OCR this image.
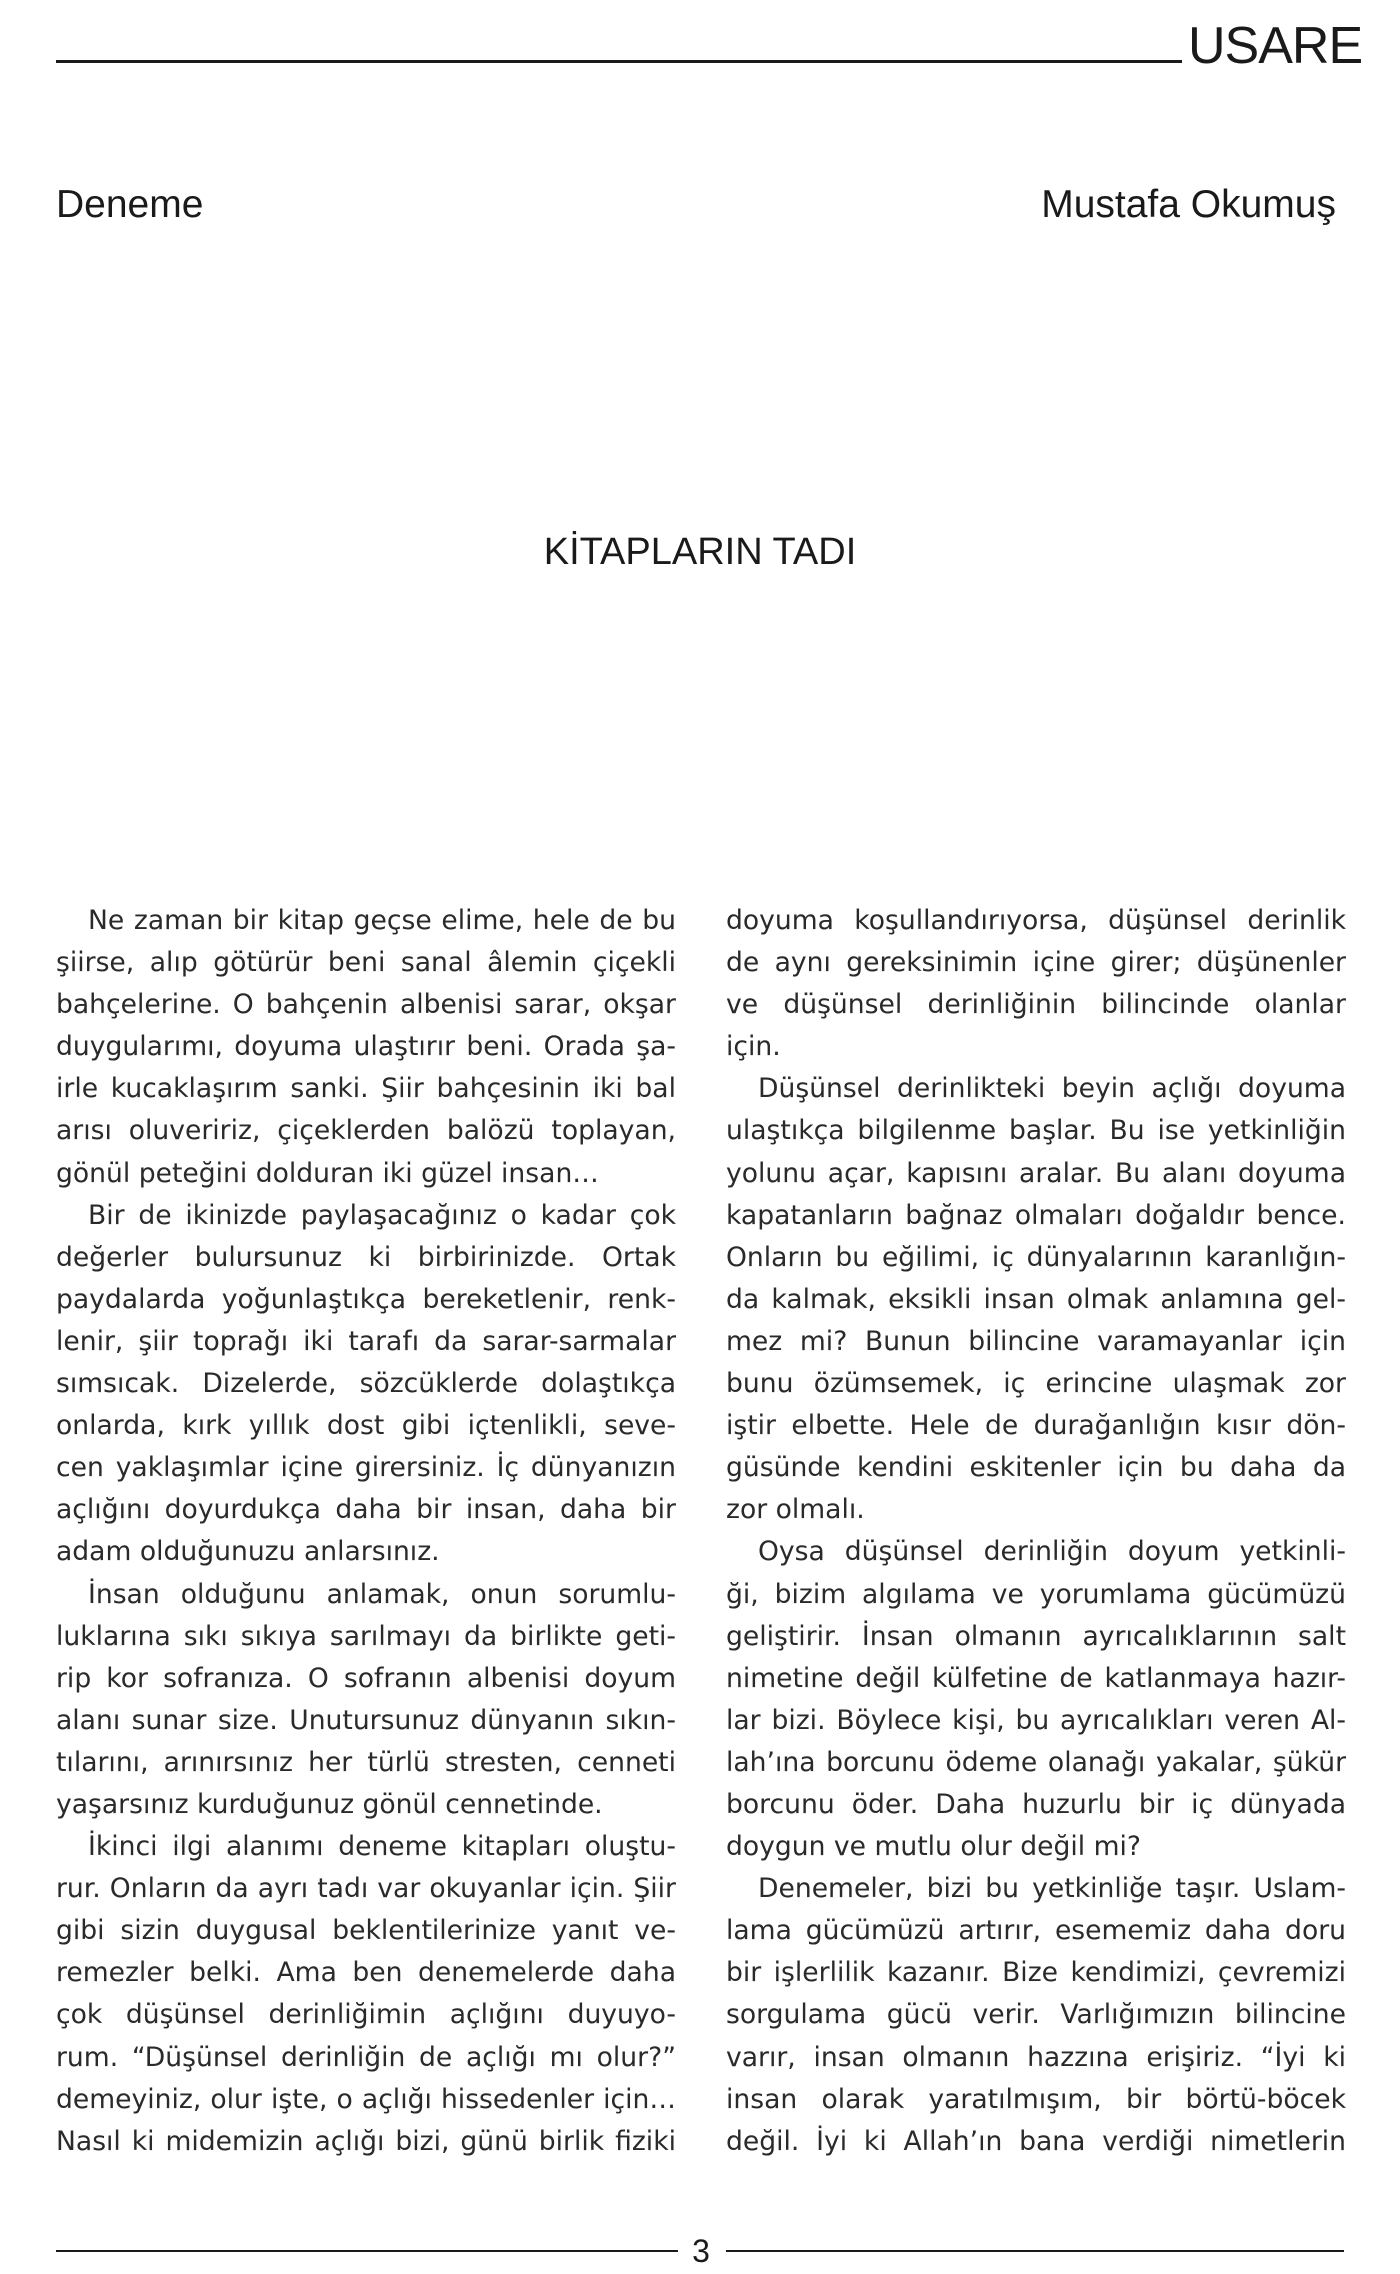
USARE
Deneme	Mustafa Okumuş
KİTAPLARIN TADI
Ne zaman bir kitap geçse elime, hele de bu
şiirse, alıp götürür beni sanal âlemin çiçekli
bahçelerine. O bahçenin albenisi sarar, okşar
duygularımı, doyuma ulaştırır beni. Orada şa-
irle kucaklaşırım sanki. Şiir bahçesinin iki bal
arısı oluveririz, çiçeklerden balözü toplayan,
gönül peteğini dolduran iki güzel insan…
Bir de ikinizde paylaşacağınız o kadar çok
değerler bulursunuz ki birbirinizde. Ortak
paydalarda yoğunlaştıkça bereketlenir, renk-
lenir, şiir toprağı iki tarafı da sarar-sarmalar
sımsıcak. Dizelerde, sözcüklerde dolaştıkça
onlarda, kırk yıllık dost gibi içtenlikli, seve-
cen yaklaşımlar içine girersiniz. İç dünyanızın
açlığını doyurdukça daha bir insan, daha bir
adam olduğunuzu anlarsınız.
İnsan olduğunu anlamak, onun sorumlu-
luklarına sıkı sıkıya sarılmayı da birlikte geti-
rip kor sofranıza. O sofranın albenisi doyum
alanı sunar size. Unutursunuz dünyanın sıkın-
tılarını, arınırsınız her türlü stresten, cenneti
yaşarsınız kurduğunuz gönül cennetinde.
İkinci ilgi alanımı deneme kitapları oluştu-
rur. Onların da ayrı tadı var okuyanlar için. Şiir
gibi sizin duygusal beklentilerinize yanıt ve-
remezler belki. Ama ben denemelerde daha
çok düşünsel derinliğimin açlığını duyuyo-
rum. “Düşünsel derinliğin de açlığı mı olur?”
demeyiniz, olur işte, o açlığı hissedenler için…
Nasıl ki midemizin açlığı bizi, günü birlik fiziki
doyuma koşullandırıyorsa, düşünsel derinlik
de aynı gereksinimin içine girer; düşünenler
ve düşünsel derinliğinin bilincinde olanlar
için.
Düşünsel derinlikteki beyin açlığı doyuma
ulaştıkça bilgilenme başlar. Bu ise yetkinliğin
yolunu açar, kapısını aralar. Bu alanı doyuma
kapatanların bağnaz olmaları doğaldır bence.
Onların bu eğilimi, iç dünyalarının karanlığın-
da kalmak, eksikli insan olmak anlamına gel-
mez mi? Bunun bilincine varamayanlar için
bunu özümsemek, iç erincine ulaşmak zor
iştir elbette. Hele de durağanlığın kısır dön-
güsünde kendini eskitenler için bu daha da
zor olmalı.
Oysa düşünsel derinliğin doyum yetkinli-
ği, bizim algılama ve yorumlama gücümüzü
geliştirir. İnsan olmanın ayrıcalıklarının salt
nimetine değil külfetine de katlanmaya hazır-
lar bizi. Böylece kişi, bu ayrıcalıkları veren Al-
lah’ına borcunu ödeme olanağı yakalar, şükür
borcunu öder. Daha huzurlu bir iç dünyada
doygun ve mutlu olur değil mi?
Denemeler, bizi bu yetkinliğe taşır. Uslam-
lama gücümüzü artırır, esememiz daha doru
bir işlerlilik kazanır. Bize kendimizi, çevremizi
sorgulama gücü verir. Varlığımızın bilincine
varır, insan olmanın hazzına erişiriz. “İyi ki
insan olarak yaratılmışım, bir börtü-böcek
değil. İyi ki Allah’ın bana verdiği nimetlerin
3
